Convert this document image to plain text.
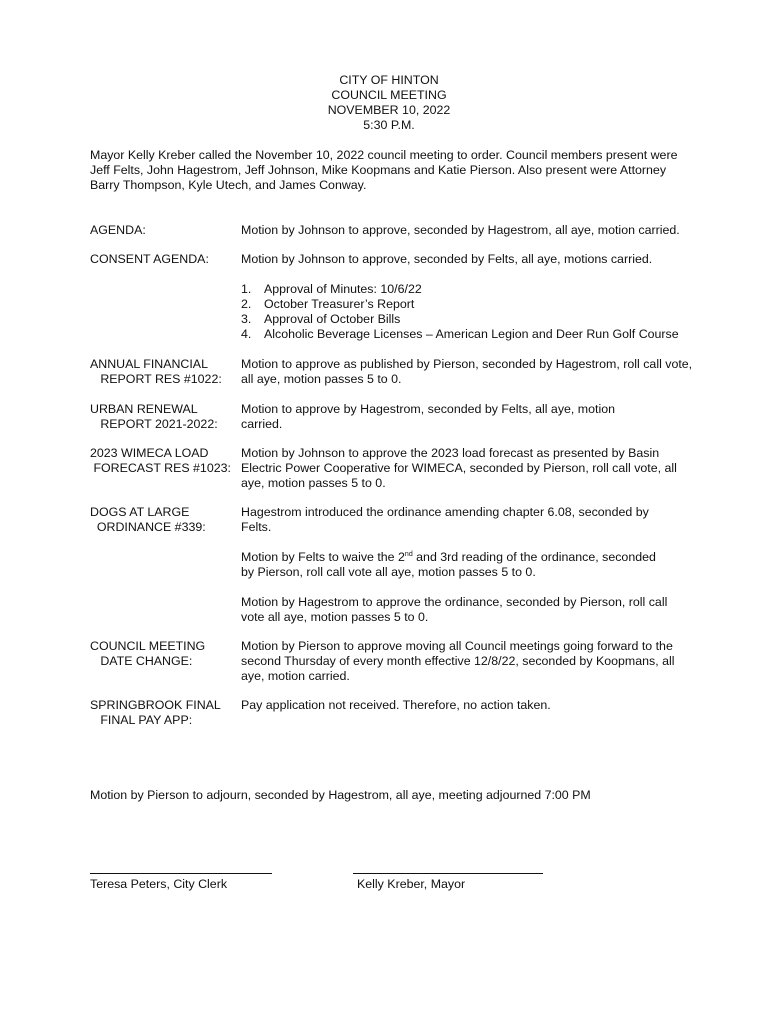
CITY OF HINTON
COUNCIL MEETING
NOVEMBER 10, 2022
5:30 P.M.
Mayor Kelly Kreber called the November 10, 2022 council meeting to order. Council members present were Jeff Felts, John Hagestrom, Jeff Johnson, Mike Koopmans and Katie Pierson. Also present were Attorney Barry Thompson, Kyle Utech, and James Conway.
AGENDA:	Motion by Johnson to approve, seconded by Hagestrom, all aye, motion carried.
CONSENT AGENDA:	Motion by Johnson to approve, seconded by Felts, all aye, motions carried.

1. Approval of Minutes: 10/6/22
2. October Treasurer’s Report
3. Approval of October Bills
4. Alcoholic Beverage Licenses – American Legion and Deer Run Golf Course
ANNUAL FINANCIAL
REPORT RES #1022:
Motion to approve as published by Pierson, seconded by Hagestrom, roll call vote, all aye, motion passes 5 to 0.
URBAN RENEWAL
REPORT 2021-2022:
Motion to approve by Hagestrom, seconded by Felts, all aye, motion carried.
2023 WIMECA LOAD
FORECAST RES #1023:
Motion by Johnson to approve the 2023 load forecast as presented by Basin Electric Power Cooperative for WIMECA, seconded by Pierson, roll call vote, all aye, motion passes 5 to 0.
DOGS AT LARGE
ORDINANCE #339:

Hagestrom introduced the ordinance amending chapter 6.08, seconded by Felts.

Motion by Felts to waive the 2nd and 3rd reading of the ordinance, seconded by Pierson, roll call vote all aye, motion passes 5 to 0.

Motion by Hagestrom to approve the ordinance, seconded by Pierson, roll call vote all aye, motion passes 5 to 0.

COUNCIL MEETING
DATE CHANGE:
Motion by Pierson to approve moving all Council meetings going forward to the second Thursday of every month effective 12/8/22, seconded by Koopmans, all aye, motion carried.
SPRINGBROOK FINAL
FINAL PAY APP:
Pay application not received. Therefore, no action taken.
Motion by Pierson to adjourn, seconded by Hagestrom, all aye, meeting adjourned 7:00 PM
Teresa Peters, City Clerk	Kelly Kreber, Mayor
